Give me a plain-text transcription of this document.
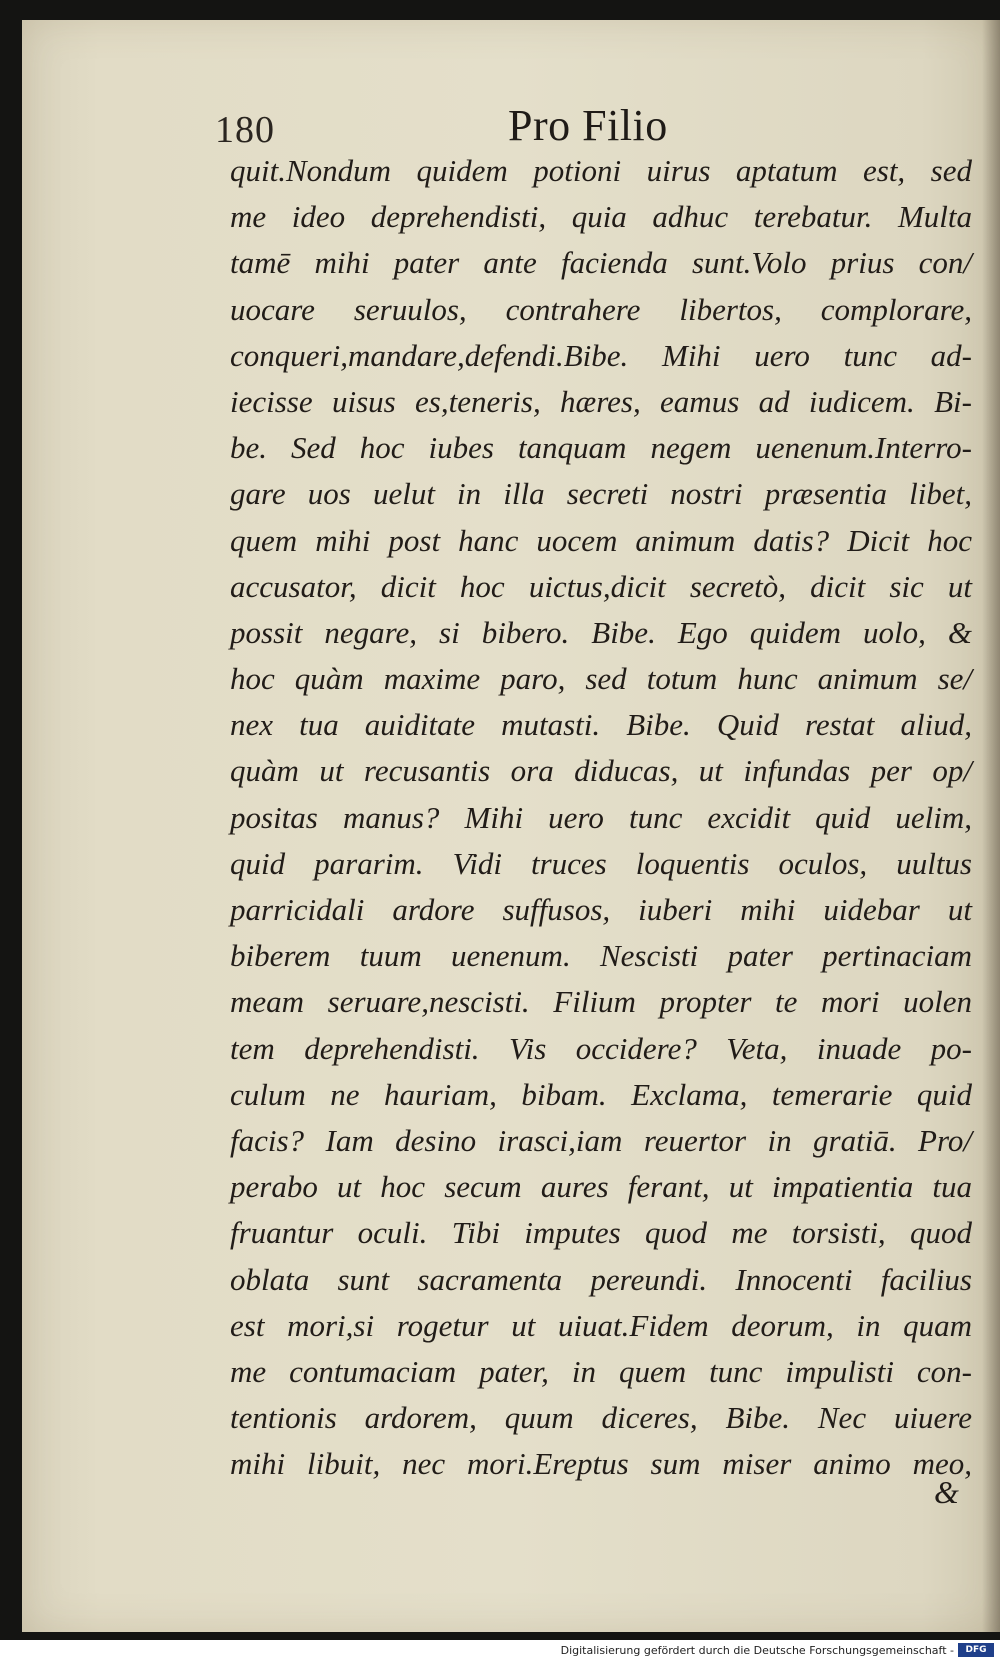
180	Pro Filio
quit.Nondum quidem potioni uirus aptatum est, sed
me ideo deprehendisti, quia adhuc terebatur. Multa
tamē mihi pater ante facienda sunt.Volo prius con/
uocare seruulos, contrahere libertos, complorare,
conqueri,mandare,defendi.Bibe. Mihi uero tunc ad-
iecisse uisus es,teneris, hæres, eamus ad iudicem. Bi-
be. Sed hoc iubes tanquam negem uenenum.Interro-
gare uos uelut in illa secreti nostri præsentia libet,
quem mihi post hanc uocem animum datis? Dicit hoc
accusator, dicit hoc uictus,dicit secretò, dicit sic ut
possit negare, si bibero. Bibe. Ego quidem uolo, &
hoc quàm maxime paro, sed totum hunc animum se/
nex tua auiditate mutasti. Bibe. Quid restat aliud,
quàm ut recusantis ora diducas, ut infundas per op/
positas manus? Mihi uero tunc excidit quid uelim,
quid pararim. Vidi truces loquentis oculos, uultus
parricidali ardore suffusos, iuberi mihi uidebar ut
biberem tuum uenenum. Nescisti pater pertinaciam
meam seruare,nescisti. Filium propter te mori uolen
tem deprehendisti. Vis occidere? Veta, inuade po-
culum ne hauriam, bibam. Exclama, temerarie quid
facis? Iam desino irasci,iam reuertor in gratiā. Pro/
perabo ut hoc secum aures ferant, ut impatientia tua
fruantur oculi. Tibi imputes quod me torsisti, quod
oblata sunt sacramenta pereundi. Innocenti facilius
est mori,si rogetur ut uiuat.Fidem deorum, in quam
me contumaciam pater, in quem tunc impulisti con-
tentionis ardorem, quum diceres, Bibe. Nec uiuere
mihi libuit, nec mori.Ereptus sum miser animo meo,
&
Digitalisierung gefördert durch die Deutsche Forschungsgemeinschaft -	DFG
